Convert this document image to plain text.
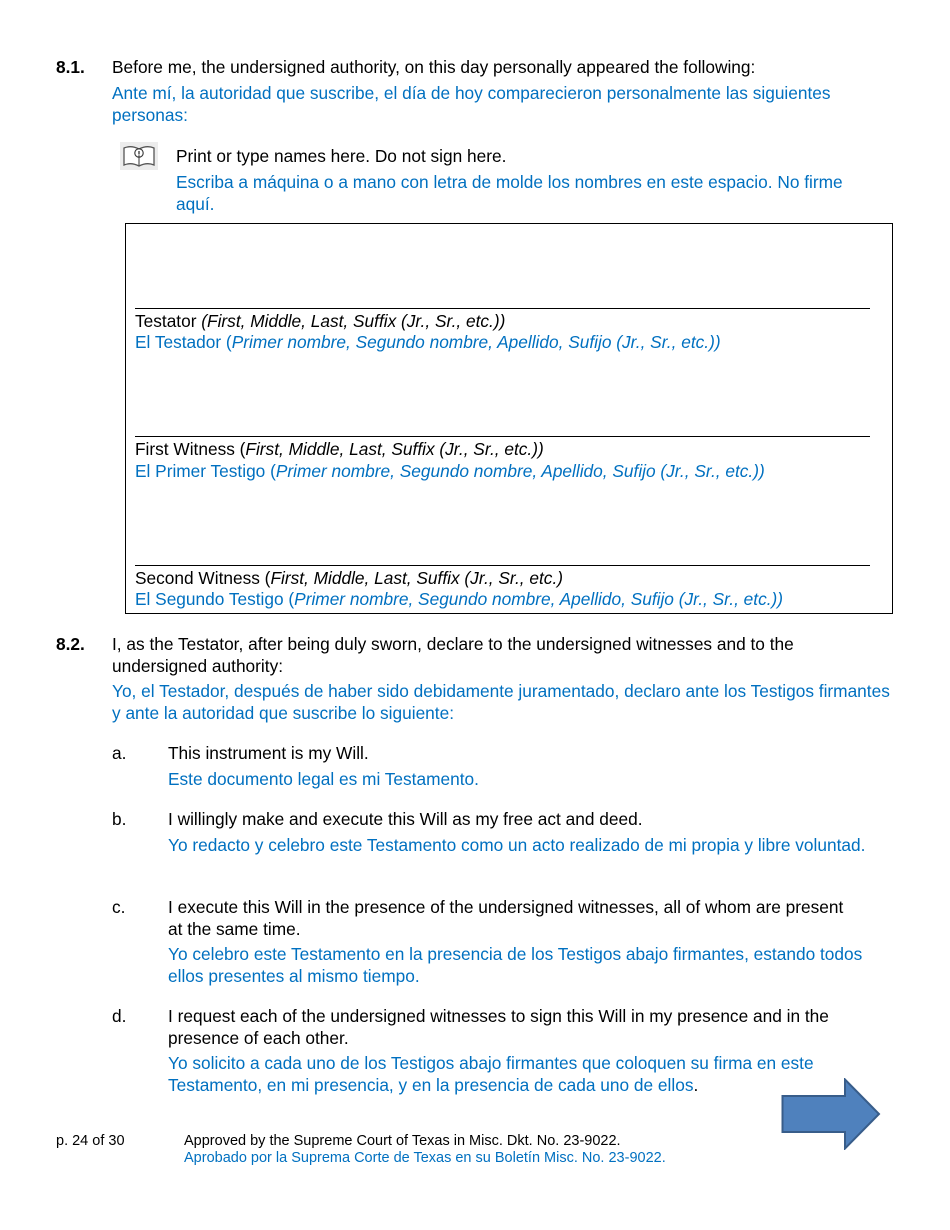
8.1. Before me, the undersigned authority, on this day personally appeared the following:
Ante mí, la autoridad que suscribe, el día de hoy comparecieron personalmente las siguientes personas:
Print or type names here. Do not sign here.
Escriba a máquina o a mano con letra de molde los nombres en este espacio. No firme aquí.
Testator (First, Middle, Last, Suffix (Jr., Sr., etc.))
El Testador (Primer nombre, Segundo nombre, Apellido, Sufijo (Jr., Sr., etc.))
First Witness (First, Middle, Last, Suffix (Jr., Sr., etc.))
El Primer Testigo (Primer nombre, Segundo nombre, Apellido, Sufijo (Jr., Sr., etc.))
Second Witness (First, Middle, Last, Suffix (Jr., Sr., etc.)
El Segundo Testigo (Primer nombre, Segundo nombre, Apellido, Sufijo (Jr., Sr., etc.))
8.2. I, as the Testator, after being duly sworn, declare to the undersigned witnesses and to the undersigned authority:
Yo, el Testador, después de haber sido debidamente juramentado, declaro ante los Testigos firmantes y ante la autoridad que suscribe lo siguiente:
a. This instrument is my Will.
Este documento legal es mi Testamento.
b. I willingly make and execute this Will as my free act and deed.
Yo redacto y celebro este Testamento como un acto realizado de mi propia y libre voluntad.
c. I execute this Will in the presence of the undersigned witnesses, all of whom are present at the same time.
Yo celebro este Testamento en la presencia de los Testigos abajo firmantes, estando todos ellos presentes al mismo tiempo.
d. I request each of the undersigned witnesses to sign this Will in my presence and in the presence of each other.
Yo solicito a cada uno de los Testigos abajo firmantes que coloquen su firma en este Testamento, en mi presencia, y en la presencia de cada uno de ellos.
p. 24 of 30	Approved by the Supreme Court of Texas in Misc. Dkt. No. 23-9022.
Aprobado por la Suprema Corte de Texas en su Boletín Misc. No. 23-9022.
